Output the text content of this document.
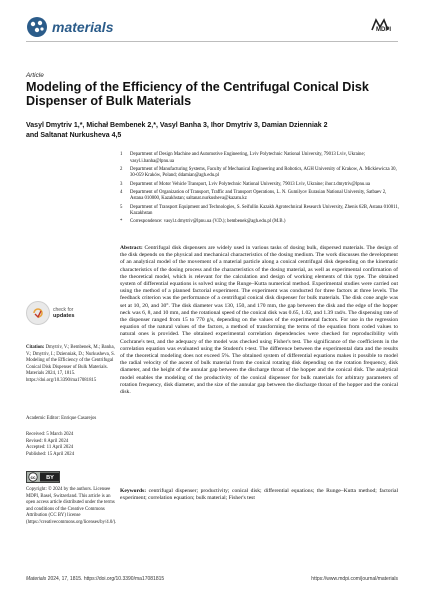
materials	MDPI
Article
Modeling of the Efficiency of the Centrifugal Conical Disk Dispenser of Bulk Materials
Vasyl Dmytriv 1,*, Michał Bembenek 2,*, Vasyl Banha 3, Ihor Dmytriv 3, Damian Dzienniak 2
and Saltanat Nurkusheva 4,5
1	Department of Design Machine and Automotive Engineering, Lviv Polytechnic National University, 79013 Lviv, Ukraine; vasyl.i.banha@lpnu.ua
2	Department of Manufacturing Systems, Faculty of Mechanical Engineering and Robotics, AGH University of Krakow, A. Mickiewicza 30, 30-059 Kraków, Poland; ddamian@agh.edu.pl
3	Department of Motor Vehicle Transport, Lviv Polytechnic National University, 79013 Lviv, Ukraine; ihor.t.dmytriv@lpnu.ua
4	Department of Organization of Transport, Traffic and Transport Operations, L. N. Gumilyov Eurasian National University, Satbaev 2, Astana 010000, Kazakhstan; saltanat.nurkusheva@kazatu.kz
5	Department of Transport Equipment and Technologies, S. Seifullin Kazakh Agrotechnical Research University, Zhenis 62B, Astana 010011, Kazakhstan
*	Correspondence: vasyl.t.dmytriv@lpnu.ua (V.D.); bembenek@agh.edu.pl (M.B.)
Abstract: Centrifugal disk dispensers are widely used in various tasks of dosing bulk, dispersed materials. The design of the disk depends on the physical and mechanical characteristics of the dosing medium. The work discusses the development of an analytical model of the movement of a material particle along a conical centrifugal disk depending on the kinematic characteristics of the dosing process and the characteristics of the dosing material, as well as experimental confirmation of the theoretical model, which is relevant for the calculation and design of working elements of this type. The obtained system of differential equations is solved using the Runge–Kutta numerical method. Experimental studies were carried out using the method of a planned factorial experiment. The experiment was conducted for three factors at three levels. The feedback criterion was the performance of a centrifugal conical disk dispenser for bulk materials. The disk cone angle was set at 10, 20, and 30°. The disk diameter was 130, 150, and 170 mm, the gap between the disk and the edge of the hopper neck was 6, 8, and 10 mm, and the rotational speed of the conical disk was 0.65, 1.02, and 1.39 rad/s. The dispensing rate of the dispenser ranged from 15 to 770 g/s, depending on the values of the experimental factors. For use in the regression equation of the natural values of the factors, a method of transforming the terms of the equation from coded values to natural ones is provided. The obtained experimental correlation dependencies were checked for reproducibility with Cochrane's test, and the adequacy of the model was checked using Fisher's test. The significance of the coefficients in the correlation equation was evaluated using the Student's t-test. The difference between the experimental data and the results of the theoretical modeling does not exceed 5%. The obtained system of differential equations makes it possible to model the radial velocity of the ascent of bulk material from the conical rotating disk depending on the rotation frequency, disk diameter, and the height of the annular gap between the discharge throat of the hopper and the conical disk. The analytical model enables the modeling of the productivity of the conical dispenser for bulk materials for arbitrary parameters of rotation frequency, disk diameter, and the size of the annular gap between the discharge throat of the hopper and the conical disk.
Keywords: centrifugal dispenser; productivity; conical disk; differential equations; the Runge–Kutta method; factorial experiment; correlation equation; bulk material; Fisher's test
check for
updates
Citation: Dmytriv, V.; Bembenek, M.; Banha, V.; Dmytriv, I.; Dzienniak, D.; Nurkusheva, S. Modeling of the Efficiency of the Centrifugal Conical Disk Dispenser of Bulk Materials. Materials 2024, 17, 1815. https://doi.org/10.3390/ma17081815
Academic Editor: Enrique Casarejos
Received: 5 March 2024
Revised: 8 April 2024
Accepted: 11 April 2024
Published: 15 April 2024
cc BY
Copyright: © 2024 by the authors. Licensee MDPI, Basel, Switzerland. This article is an open access article distributed under the terms and conditions of the Creative Commons Attribution (CC BY) license (https://creativecommons.org/licenses/by/4.0/).
Materials 2024, 17, 1815. https://doi.org/10.3390/ma17081815	https://www.mdpi.com/journal/materials
